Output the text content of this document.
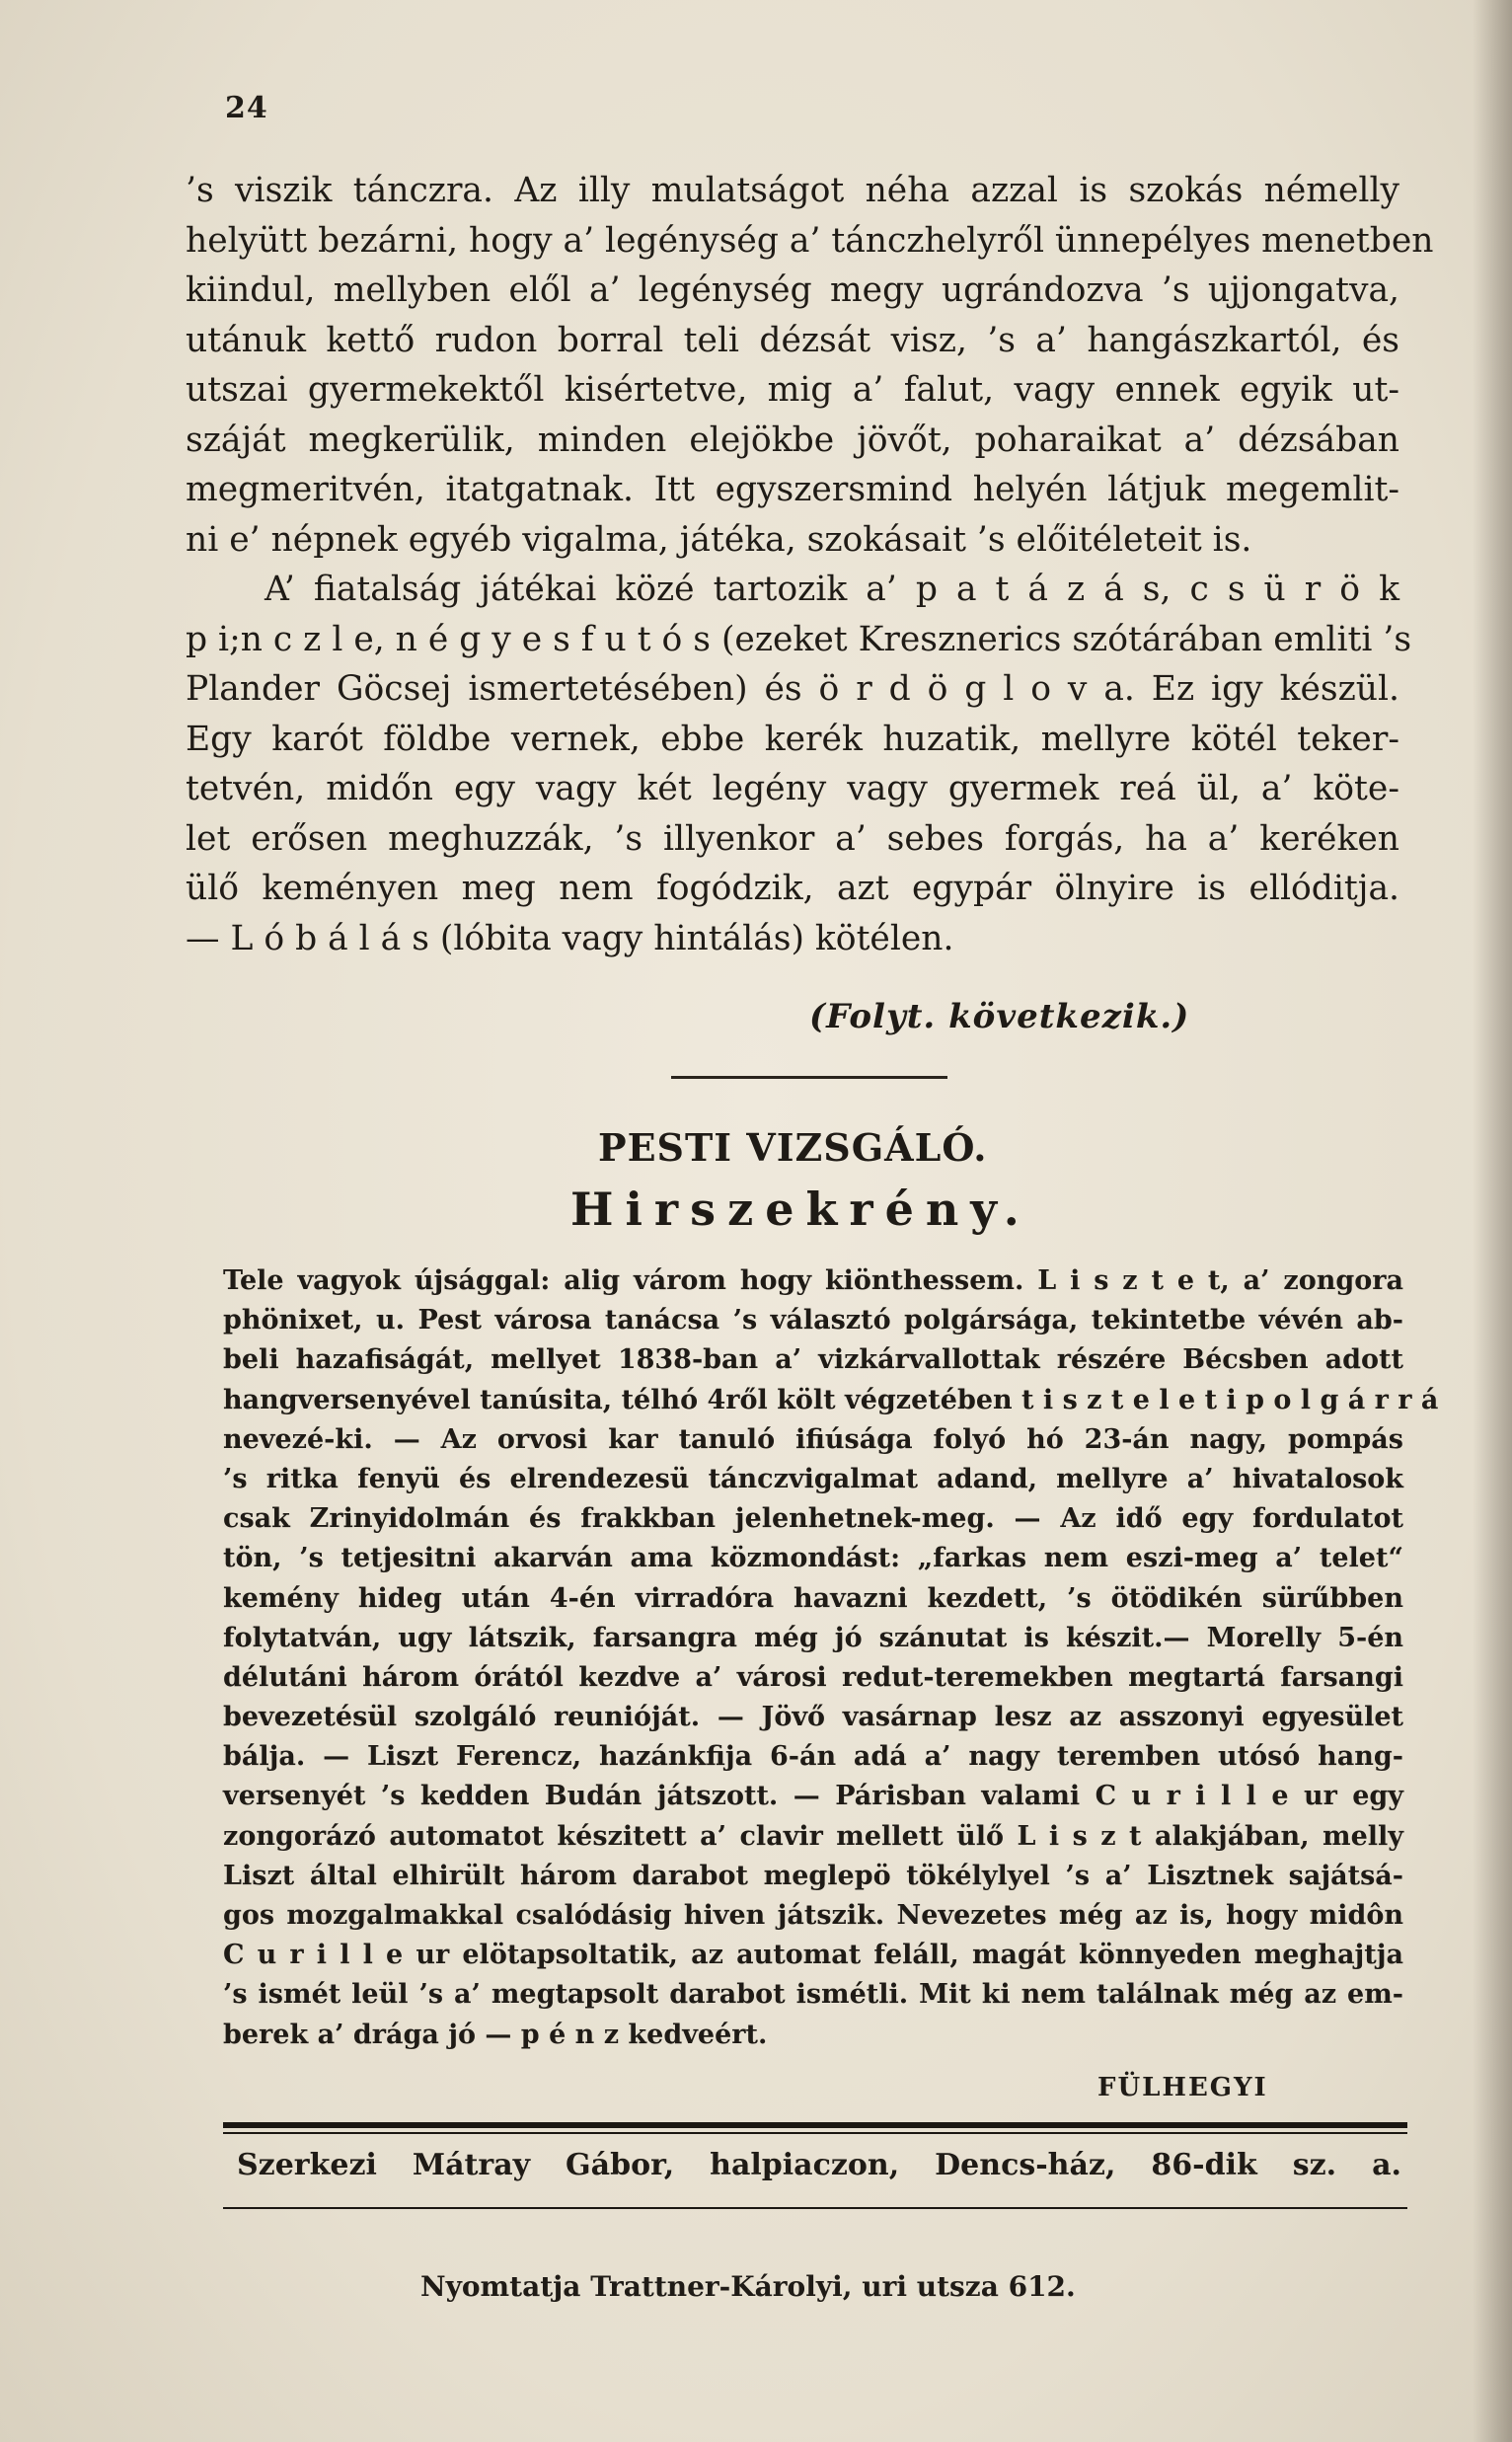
24
’s viszik tánczra. Az illy mulatságot néha azzal is szokás némelly
helyütt bezárni, hogy a’ legénység a’ tánczhelyről ünnepélyes menetben
kiindul, mellyben elől a’ legénység megy ugrándozva ’s ujjongatva,
utánuk kettő rudon borral teli dézsát visz, ’s a’ hangászkartól, és
utszai gyermekektől kisértetve, mig a’ falut, vagy ennek egyik ut-
száját megkerülik, minden elejökbe jövőt, poharaikat a’ dézsában
megmeritvén, itatgatnak. Itt egyszersmind helyén látjuk megemlit-
ni e’ népnek egyéb vigalma, játéka, szokásait ’s előitéleteit is.
A’ fiatalság játékai közé tartozik a’ p a t á z á s, c s ü r ö k
p i;n c z l e, n é g y e s f u t ó s (ezeket Kresznerics szótárában emliti ’s
Plander Göcsej ismertetésében) és ö r d ö g l o v a. Ez igy készül.
Egy karót földbe vernek, ebbe kerék huzatik, mellyre kötél teker-
tetvén, midőn egy vagy két legény vagy gyermek reá ül, a’ köte-
let erősen meghuzzák, ’s illyenkor a’ sebes forgás, ha a’ keréken
ülő keményen meg nem fogódzik, azt egypár ölnyire is ellóditja.
— L ó b á l á s (lóbita vagy hintálás) kötélen.
(Folyt. következik.)
PESTI VIZSGÁLÓ.
Hirszekrény.
Tele vagyok újsággal: alig várom hogy kiönthessem. L i s z t e t, a’ zongora
phönixet, u. Pest városa tanácsa ’s választó polgársága, tekintetbe vévén ab-
beli hazafiságát, mellyet 1838-ban a’ vizkárvallottak részére Bécsben adott
hangversenyével tanúsita, télhó 4ről költ végzetében t i s z t e l e t i p o l g á r r á
nevezé-ki. — Az orvosi kar tanuló ifiúsága folyó hó 23-án nagy, pompás
’s ritka fenyü és elrendezesü tánczvigalmat adand, mellyre a’ hivatalosok
csak Zrinyidolmán és frakkban jelenhetnek-meg. — Az idő egy fordulatot
tön, ’s tetjesitni akarván ama közmondást: „farkas nem eszi-meg a’ telet“
kemény hideg után 4-én virradóra havazni kezdett, ’s ötödikén sürűbben
folytatván, ugy látszik, farsangra még jó szánutat is készit.— Morelly 5-én
délutáni három órától kezdve a’ városi redut-teremekben megtartá farsangi
bevezetésül szolgáló reunióját. — Jövő vasárnap lesz az asszonyi egyesület
bálja. — Liszt Ferencz, hazánkfija 6-án adá a’ nagy teremben utósó hang-
versenyét ’s kedden Budán játszott. — Párisban valami C u r i l l e ur egy
zongorázó automatot készitett a’ clavir mellett ülő L i s z t alakjában, melly
Liszt által elhirült három darabot meglepö tökélylyel ’s a’ Lisztnek sajátsá-
gos mozgalmakkal csalódásig hiven játszik. Nevezetes még az is, hogy midôn
C u r i l l e ur elötapsoltatik, az automat feláll, magát könnyeden meghajtja
’s ismét leül ’s a’ megtapsolt darabot ismétli. Mit ki nem találnak még az em-
berek a’ drága jó — p é n z kedveért.
FÜLHEGYI
Szerkezi Mátray Gábor, halpiaczon, Dencs-ház, 86-dik sz. a.
Nyomtatja Trattner-Károlyi, uri utsza 612.
